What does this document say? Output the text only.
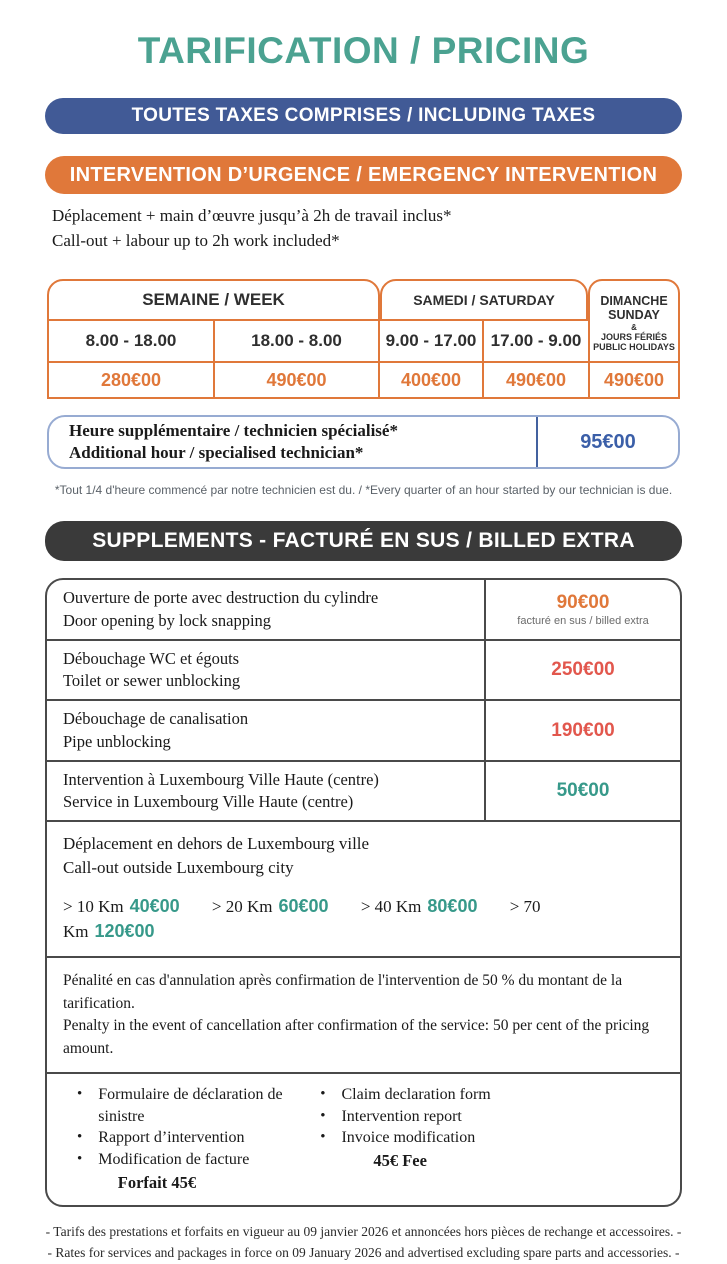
TARIFICATION / PRICING
TOUTES TAXES COMPRISES / INCLUDING TAXES
INTERVENTION D’URGENCE / EMERGENCY INTERVENTION
Déplacement + main d’œuvre jusqu’à 2h de travail inclus*
Call-out + labour up to 2h work included*
SEMAINE / WEEK	SAMEDI / SATURDAY	DIMANCHE
SUNDAY
&
JOURS FÉRIÉS
PUBLIC HOLIDAYS
8.00 - 18.00	18.00 - 8.00	9.00 - 17.00 17.00 - 9.00
280€00	490€00	400€00	490€00	490€00
Heure supplémentaire / technicien spécialisé*
Additional hour / specialised technician*	95€00
*Tout 1/4 d'heure commencé par notre technicien est du. / *Every quarter of an hour started by our technician is due.
SUPPLEMENTS - FACTURÉ EN SUS / BILLED EXTRA
Ouverture de porte avec destruction du cylindre
Door opening by lock snapping
90€00
facturé en sus / billed extra
Débouchage WC et égouts
Toilet or sewer unblocking
250€00
Débouchage de canalisation
Pipe unblocking
190€00
Intervention à Luxembourg Ville Haute (centre)
Service in Luxembourg Ville Haute (centre)
50€00
Déplacement en dehors de Luxembourg ville
Call-out outside Luxembourg city
> 10 Km 40€00 > 20 Km 60€00 > 40 Km 80€00 > 70 Km 120€00
Pénalité en cas d'annulation après confirmation de l'intervention de 50 % du montant de la tarification.
Penalty in the event of cancellation after confirmation of the service: 50 per cent of the pricing amount.
• Formulaire de déclaration de sinistre
• Rapport d’intervention
• Modification de facture
Forfait 45€
• Claim declaration form
• Intervention report
• Invoice modification
45€ Fee
- Tarifs des prestations et forfaits en vigueur au 09 janvier 2026 et annoncées hors pièces de rechange et accessoires. -
- Rates for services and packages in force on 09 January 2026 and advertised excluding spare parts and accessories. -
